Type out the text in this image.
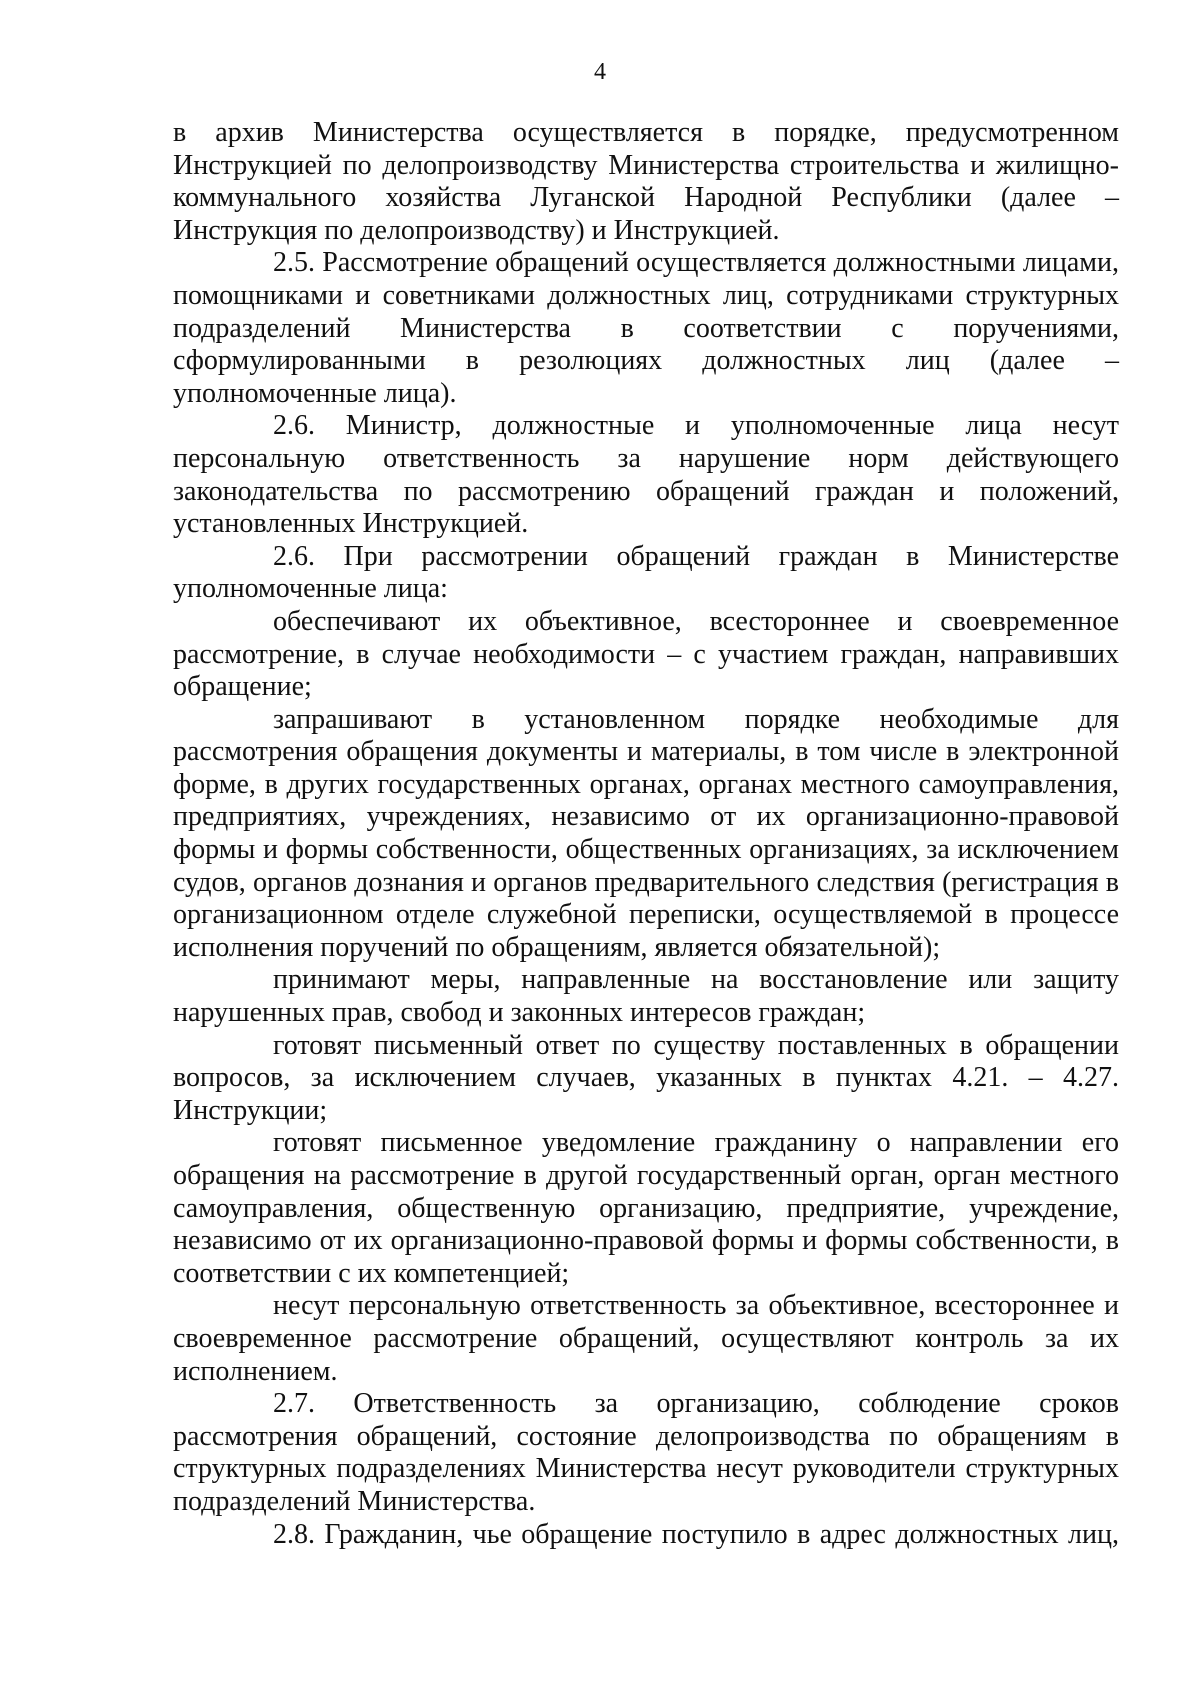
4

в архив Министерства осуществляется в порядке, предусмотренном Инструкцией по делопроизводству Министерства строительства и жилищно-коммунального хозяйства Луганской Народной Республики (далее – Инструкция по делопроизводству) и Инструкцией.

2.5. Рассмотрение обращений осуществляется должностными лицами, помощниками и советниками должностных лиц, сотрудниками структурных подразделений Министерства в соответствии с поручениями, сформулированными в резолюциях должностных лиц (далее – уполномоченные лица).

2.6. Министр, должностные и уполномоченные лица несут персональную ответственность за нарушение норм действующего законодательства по рассмотрению обращений граждан и положений, установленных Инструкцией.

2.6. При рассмотрении обращений граждан в Министерстве уполномоченные лица:

обеспечивают их объективное, всестороннее и своевременное рассмотрение, в случае необходимости – с участием граждан, направивших обращение;

запрашивают в установленном порядке необходимые для рассмотрения обращения документы и материалы, в том числе в электронной форме, в других государственных органах, органах местного самоуправления, предприятиях, учреждениях, независимо от их организационно-правовой формы и формы собственности, общественных организациях, за исключением судов, органов дознания и органов предварительного следствия (регистрация в организационном отделе служебной переписки, осуществляемой в процессе исполнения поручений по обращениям, является обязательной);

принимают меры, направленные на восстановление или защиту нарушенных прав, свобод и законных интересов граждан;

готовят письменный ответ по существу поставленных в обращении вопросов, за исключением случаев, указанных в пунктах 4.21. – 4.27. Инструкции;

готовят письменное уведомление гражданину о направлении его обращения на рассмотрение в другой государственный орган, орган местного самоуправления, общественную организацию, предприятие, учреждение, независимо от их организационно-правовой формы и формы собственности, в соответствии с их компетенцией;

несут персональную ответственность за объективное, всестороннее и своевременное рассмотрение обращений, осуществляют контроль за их исполнением.

2.7. Ответственность за организацию, соблюдение сроков рассмотрения обращений, состояние делопроизводства по обращениям в структурных подразделениях Министерства несут руководители структурных подразделений Министерства.

2.8. Гражданин, чье обращение поступило в адрес должностных лиц,
